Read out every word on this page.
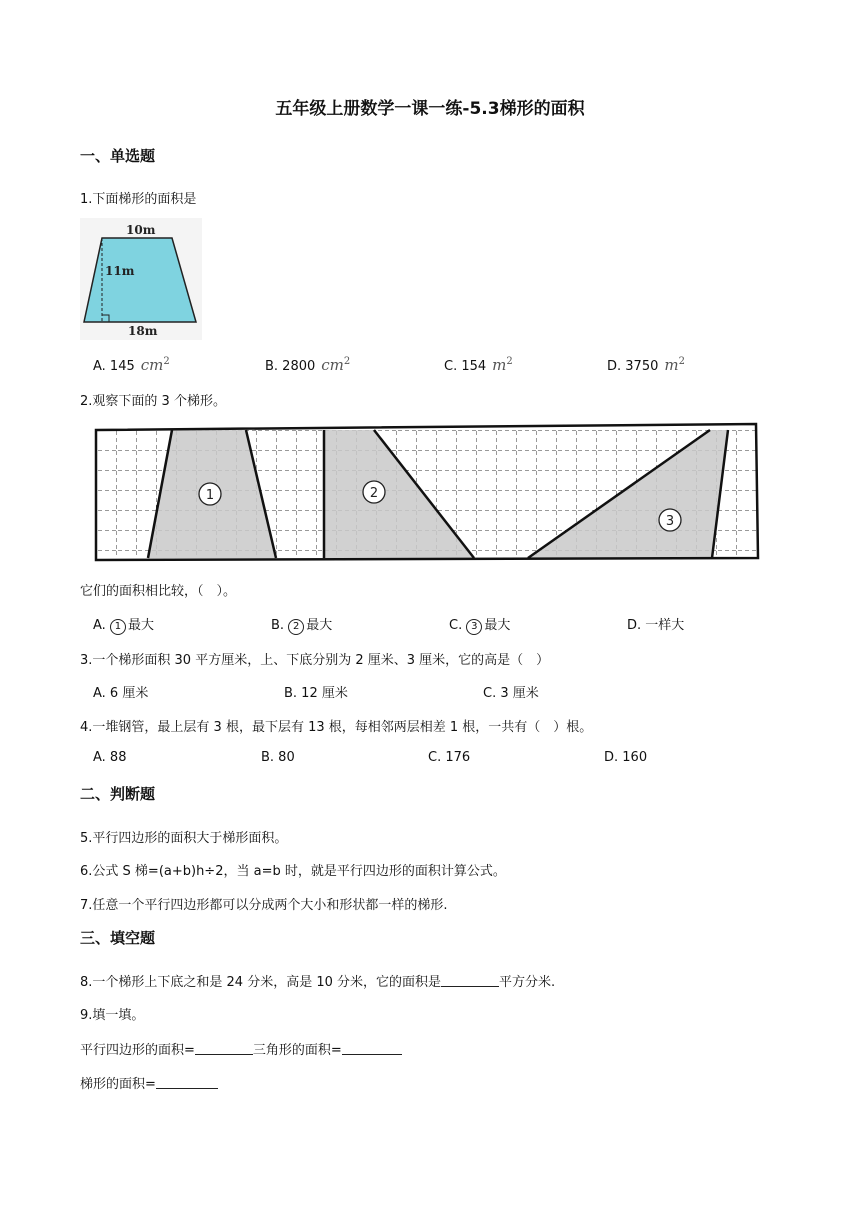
五年级上册数学一课一练-5.3梯形的面积
一、单选题
1.下面梯形的面积是
10m
11m
18m
A. 145 $cm^2$	B. 2800 $cm^2$	C. 154 $m^2$	D. 3750 $m^2$
2.观察下面的 3 个梯形。
1	2
3
它们的面积相比较，（　）。
A. 1 最大	B. 2 最大	C. 3 最大	D. 一样大
3.一个梯形面积 30 平方厘米，上、下底分别为 2 厘米、3 厘米，它的高是（　）
A. 6 厘米	B. 12 厘米	C. 3 厘米
4.一堆钢管，最上层有 3 根，最下层有 13 根，每相邻两层相差 1 根，一共有（　）根。
A. 88	B. 80	C. 176	D. 160
二、判断题
5.平行四边形的面积大于梯形面积。
6.公式 S 梯=(a+b)h÷2，当 a=b 时，就是平行四边形的面积计算公式。
7.任意一个平行四边形都可以分成两个大小和形状都一样的梯形.
三、填空题
8.一个梯形上下底之和是 24 分米，高是 10 分米，它的面积是	平方分米.
9.填一填。
平行四边形的面积=	三角形的面积=
梯形的面积=
